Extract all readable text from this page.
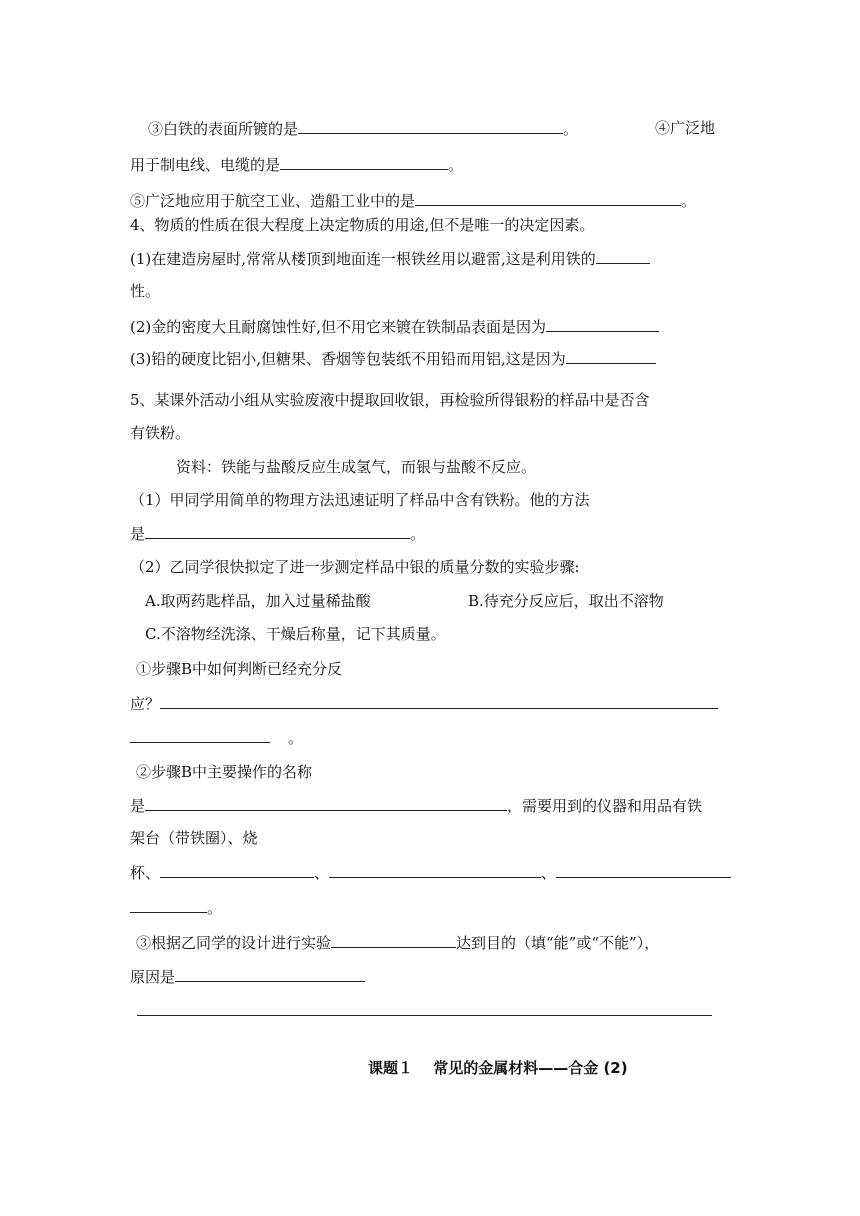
③白铁的表面所镀的是	。	④广泛地
用于制电线、电缆的是	。
⑤广泛地应用于航空工业、造船工业中的是	。
4、物质的性质在很大程度上决定物质的用途,但不是唯一的决定因素。
(1)在建造房屋时,常常从楼顶到地面连一根铁丝用以避雷,这是利用铁的
性。
(2)金的密度大且耐腐蚀性好,但不用它来镀在铁制品表面是因为
(3)铅的硬度比铝小,但糖果、香烟等包装纸不用铅而用铝,这是因为
5、某课外活动小组从实验废液中提取回收银，再检验所得银粉的样品中是否含
有铁粉。
资料：铁能与盐酸反应生成氢气，而银与盐酸不反应。
（1）甲同学用简单的物理方法迅速证明了样品中含有铁粉。他的方法
是	。
（2）乙同学很快拟定了进一步测定样品中银的质量分数的实验步骤:
A.取两药匙样品，加入过量稀盐酸	B.待充分反应后，取出不溶物
C.不溶物经洗涤、干燥后称量，记下其质量。
①步骤B中如何判断已经充分反
应？
。
②步骤B中主要操作的名称
是	，需要用到的仪器和用品有铁
架台（带铁圈）、烧
杯、	、	、
。
③根据乙同学的设计进行实验	达到目的（填“能”或“不能”），
原因是
课题１　 常见的金属材料——合金 (2)
